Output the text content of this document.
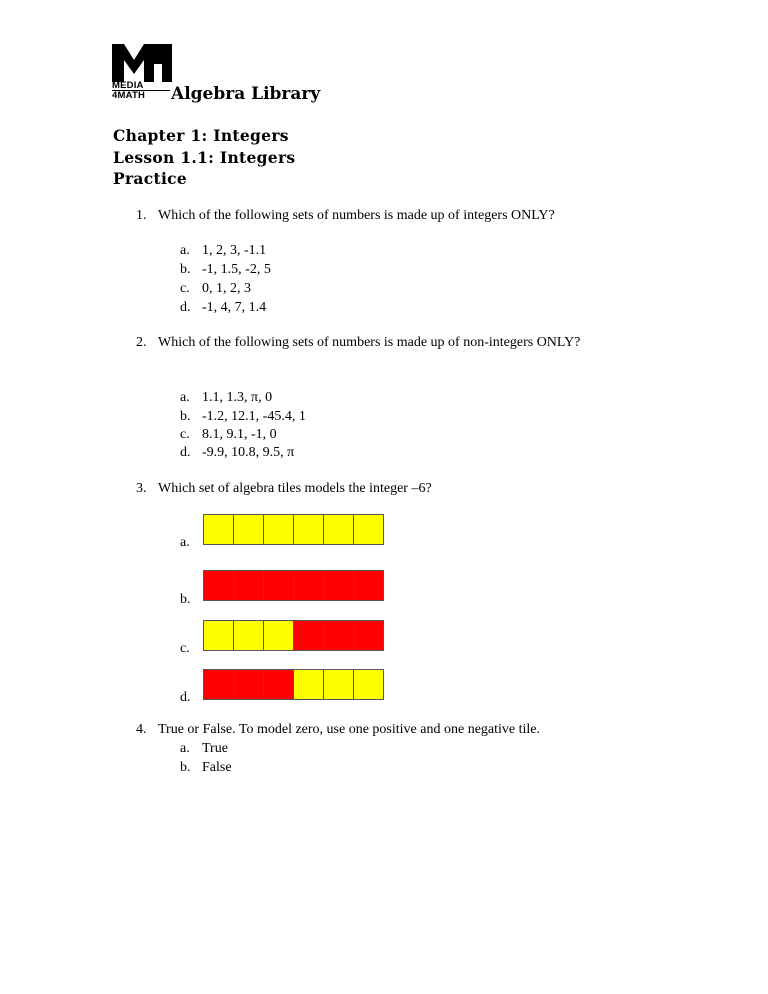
MEDIA
4MATH	Algebra Library
Chapter 1: Integers
Lesson 1.1: Integers
Practice
1. Which of the following sets of numbers is made up of integers ONLY?
a. 1, 2, 3, -1.1
b. -1, 1.5, -2, 5
c. 0, 1, 2, 3
d. -1, 4, 7, 1.4
2. Which of the following sets of numbers is made up of non-integers ONLY?
a. 1.1, 1.3, π, 0
b. -1.2, 12.1, -45.4, 1
c. 8.1, 9.1, -1, 0
d. -9.9, 10.8, 9.5, π
3. Which set of algebra tiles models the integer –6?
a.
b.
c.
d.
4. True or False. To model zero, use one positive and one negative tile.
a. True
b. False
